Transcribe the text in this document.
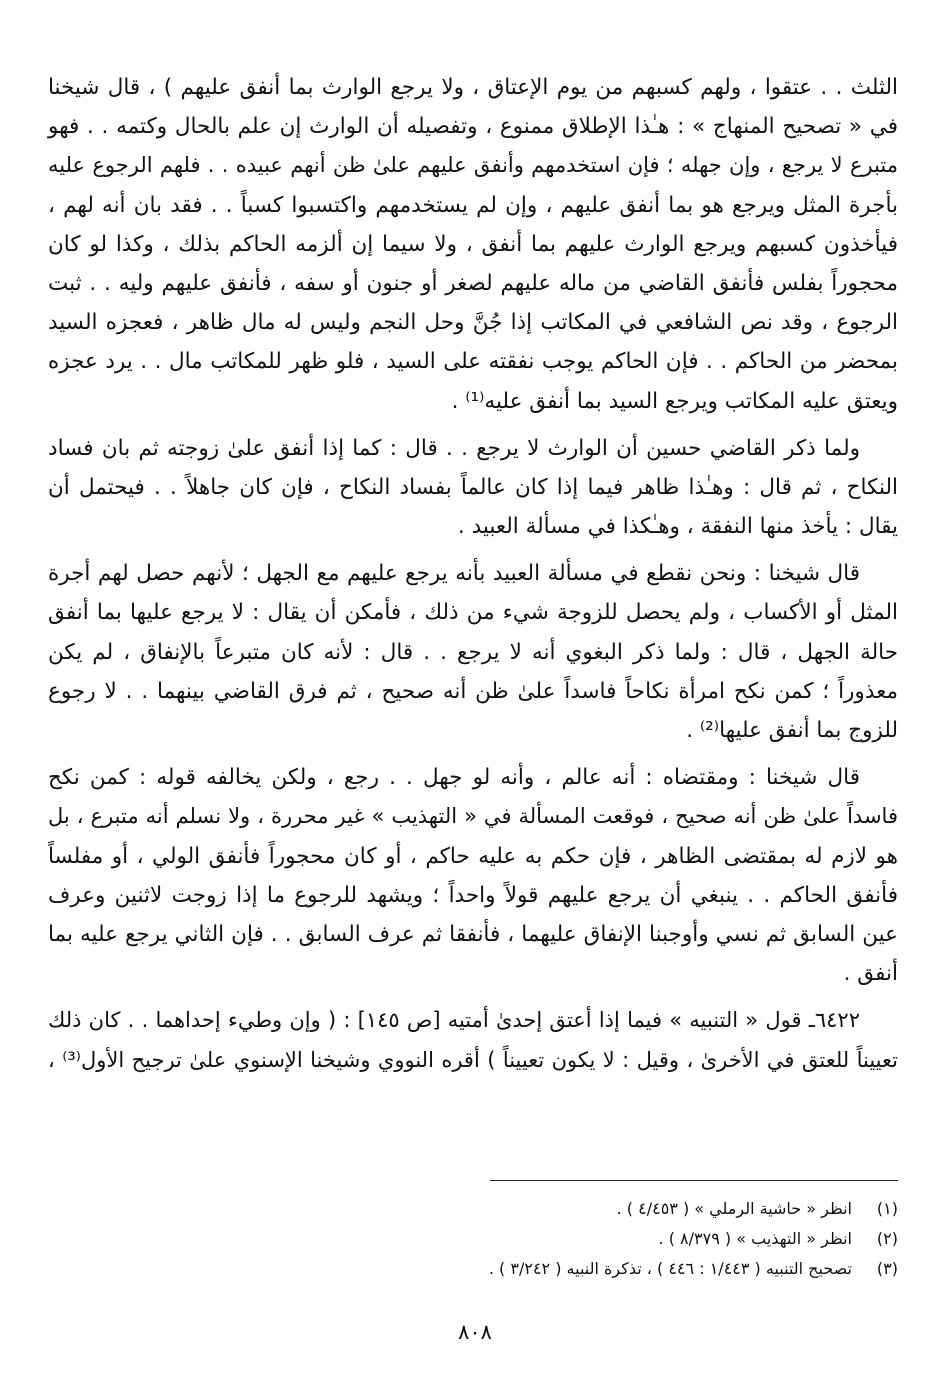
الثلث . . عتقوا ، ولهم كسبهم من يوم الإعتاق ، ولا يرجع الوارث بما أنفق عليهم ) ، قال شيخنا
في « تصحيح المنهاج » : هـٰذا الإطلاق ممنوع ، وتفصيله أن الوارث إن علم بالحال وكتمه . . فهو
متبرع لا يرجع ، وإن جهله ؛ فإن استخدمهم وأنفق عليهم علىٰ ظن أنهم عبيده . . فلهم الرجوع عليه
بأجرة المثل ويرجع هو بما أنفق عليهم ، وإن لم يستخدمهم واكتسبوا كسباً . . فقد بان أنه لهم ،
فيأخذون كسبهم ويرجع الوارث عليهم بما أنفق ، ولا سيما إن ألزمه الحاكم بذلك ، وكذا لو كان
محجوراً بفلس فأنفق القاضي من ماله عليهم لصغر أو جنون أو سفه ، فأنفق عليهم وليه . . ثبت
الرجوع ، وقد نص الشافعي في المكاتب إذا جُنَّ وحل النجم وليس له مال ظاهر ، فعجزه السيد
بمحضر من الحاكم . . فإن الحاكم يوجب نفقته على السيد ، فلو ظهر للمكاتب مال . . يرد عجزه
ويعتق عليه المكاتب ويرجع السيد بما أنفق عليه⁽¹⁾ .
ولما ذكر القاضي حسين أن الوارث لا يرجع . . قال : كما إذا أنفق علىٰ زوجته ثم بان فساد
النكاح ، ثم قال : وهـٰذا ظاهر فيما إذا كان عالماً بفساد النكاح ، فإن كان جاهلاً . . فيحتمل أن
يقال : يأخذ منها النفقة ، وهـٰكذا في مسألة العبيد .
قال شيخنا : ونحن نقطع في مسألة العبيد بأنه يرجع عليهم مع الجهل ؛ لأنهم حصل لهم أجرة
المثل أو الأكساب ، ولم يحصل للزوجة شيء من ذلك ، فأمكن أن يقال : لا يرجع عليها بما أنفق
حالة الجهل ، قال : ولما ذكر البغوي أنه لا يرجع . . قال : لأنه كان متبرعاً بالإنفاق ، لم يكن
معذوراً ؛ كمن نكح امرأة نكاحاً فاسداً علىٰ ظن أنه صحيح ، ثم فرق القاضي بينهما . . لا رجوع
للزوج بما أنفق عليها⁽²⁾ .
قال شيخنا : ومقتضاه : أنه عالم ، وأنه لو جهل . . رجع ، ولكن يخالفه قوله : كمن نكح
فاسداً علىٰ ظن أنه صحيح ، فوقعت المسألة في « التهذيب » غير محررة ، ولا نسلم أنه متبرع ، بل
هو لازم له بمقتضى الظاهر ، فإن حكم به عليه حاكم ، أو كان محجوراً فأنفق الولي ، أو مفلساً
فأنفق الحاكم . . ينبغي أن يرجع عليهم قولاً واحداً ؛ ويشهد للرجوع ما إذا زوجت لاثنين وعرف
عين السابق ثم نسي وأوجبنا الإنفاق عليهما ، فأنفقا ثم عرف السابق . . فإن الثاني يرجع عليه بما
أنفق .
٦٤٢٢ـ قول « التنبيه » فيما إذا أعتق إحدىٰ أمتيه [ص ١٤٥] : ( وإن وطيء إحداهما . . كان ذلك
تعييناً للعتق في الأخرىٰ ، وقيل : لا يكون تعييناً ) أقره النووي وشيخنا الإسنوي علىٰ ترجيح الأول⁽³⁾ ،
(١)انظر « حاشية الرملي » ( ٤/٤٥٣ ) .
(٢)انظر « التهذيب » ( ٨/٣٧٩ ) .
(٣)تصحيح التنبيه ( ١/٤٤٣ : ٤٤٦ ) ، تذكرة النبيه ( ٣/٢٤٢ ) .
٨٠٨
